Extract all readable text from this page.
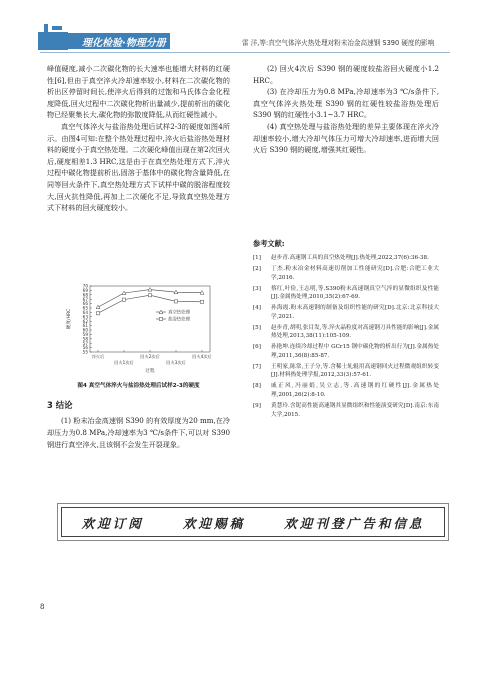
理化检验·物理分册	雷 洋,等:真空气体淬火热处理对粉末冶金高速钢 S390 硬度的影响

峰值硬度,减小二次碳化物的长大速率也能增大材料的红硬性[6],但由于真空淬火冷却速率较小,材料在二次碳化物的析出区停留时间长,使淬火后得到的过饱和马氏体合金化程度降低,回火过程中二次碳化物析出量减少,提前析出的碳化物已经聚集长大,碳化物的弥散度降低,从而红硬性减小。

真空气体淬火与盐浴热处理后试样2-3的硬度如图4所示。由图4可知:在整个热处理过程中,淬火后盐浴热处理材料的硬度小于真空热处理。二次硬化峰值出现在第2次回火后,硬度相差1.3 HRC,这是由于在真空热处理方式下,淬火过程中碳化物提前析出,固溶于基体中的碳化物含量降低,在同等回火条件下,真空热处理方式下试样中碳的脱溶程度较大,回火抗性降低,再加上二次硬化不足,导致真空热处理方式下材料的回火硬度较小。

55
56
57
58
59
60
61
62
63
64
65
66
67
68
69
70
硬度/HRC
淬火后
回火1次后
回火2次后
回火3次后
回火4次后
过程
真空热处理
盐浴热处理
图4 真空气体淬火与盐浴热处理后试样2-3的硬度
3 结论

(1) 粉末冶金高速钢 S390 的有效厚度为20 mm,在冷却压力为0.8 MPa,冷却速率为3 ℃/s条件下,可以对 S390 钢进行真空淬火,且该钢不会发生开裂现象。

(2) 回火4次后 S390 钢的硬度较盐浴回火硬度小1.2 HRC。

(3) 在冷却压力为0.8 MPa,冷却速率为3 ℃/s条件下,真空气体淬火热处理 S390 钢的红硬性较盐浴热处理后 S390 钢的红硬性小3.1~3.7 HRC。

(4) 真空热处理与盐浴热处理的差异主要体现在淬火冷却速率较小,增大冷却气体压力可增大冷却速率,进而增大回火后 S390 钢的硬度,增强其红硬性。

参考文献:
[1]	赵步青.高速钢工具的真空热处理[J].热处理,2022,37(6):36-38.
[2]	丁杰.粉末冶金材料高速切削加工性能研究[D].合肥:合肥工业大学,2016.
[3]	蔡红,叶俭,王志明,等.S390粉末高速钢真空气淬的显微组织及性能[J].金属热处理,2010,35(2):67-69.
[4]	孙海霞.粉末高速钢的制备及组织性能的研究[D].北京:北京科技大学,2021.
[5]	赵步青,胡明,张目发,等.淬火晶粒度对高速钢刀具性能的影响[J].金属热处理,2013,38(11):105-109.
[6]	孙艳坤.连续冷却过程中 GCr15 钢中碳化物的析出行为[J].金属热处理,2011,36(8):85-87.
[7]	王明家,陈常,王子分,等.含稀土轧辊用高速钢回火过程微观组织转变[J].材料热处理学报,2012,33(3):57-61.
[8]	戚正风,冯丽娟,吴立志,等.高速钢的红硬性[J].金属热处理,2001,26(2):8-10.
[9]	黄慧玲.含铌高性能高速钢其显微组织和性能演变研究[D].南京:东南大学,2015.
欢迎订阅	欢迎赐稿	欢迎刊登广告和信息
8
